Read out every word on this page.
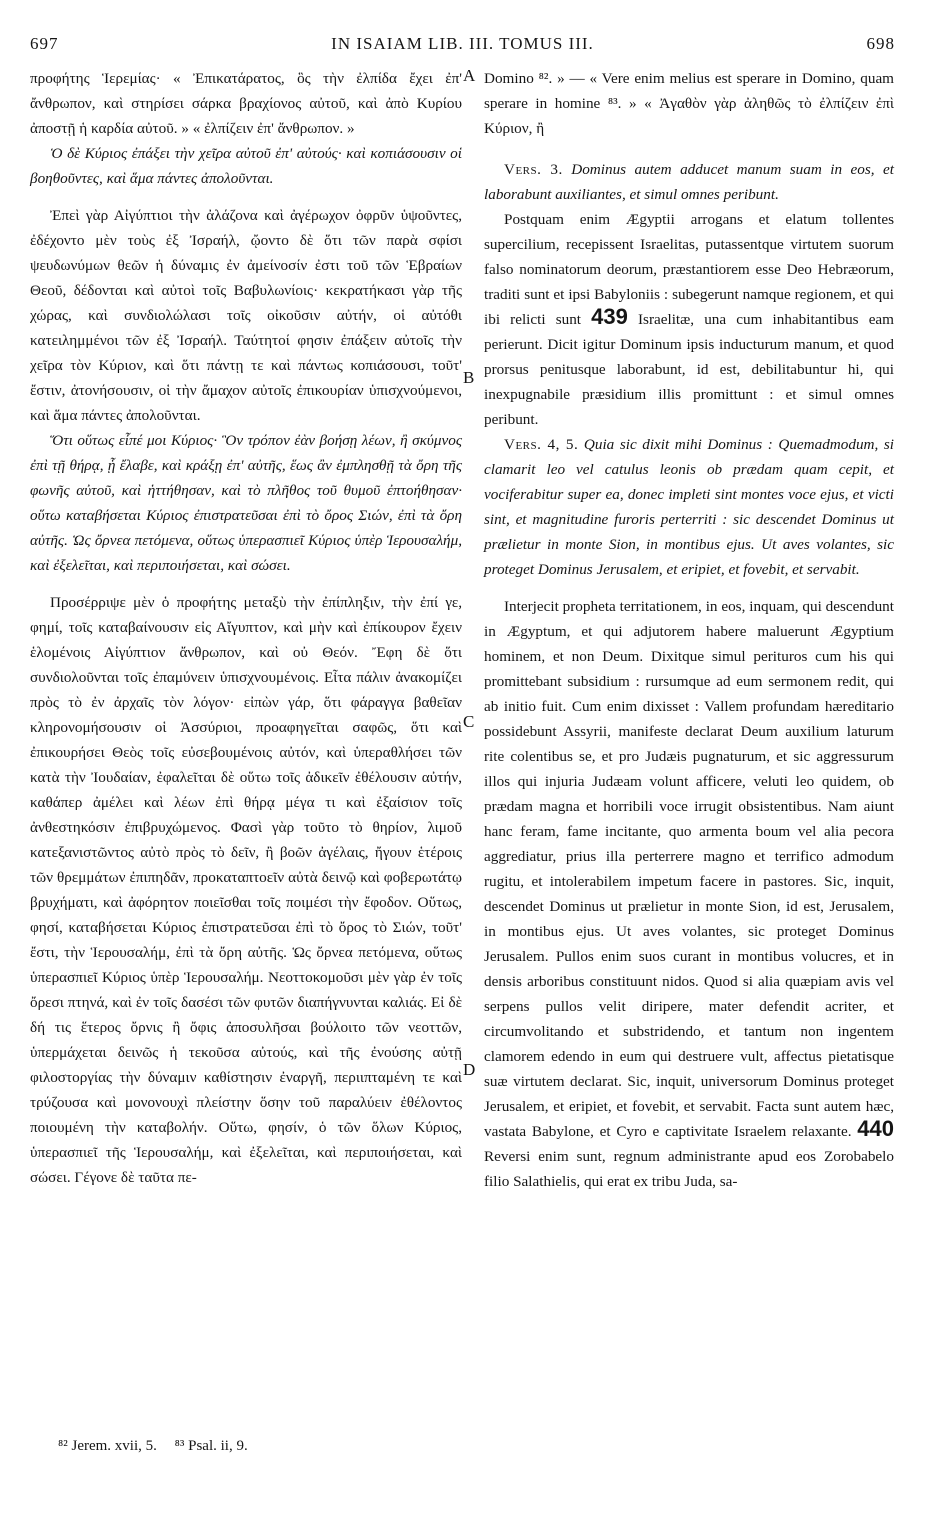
697	IN ISAIAM LIB. III. TOMUS III.	698
A
B
C
D

προφήτης Ἱερεμίας· « Ἐπικατάρατος, ὃς τὴν ἐλπίδα ἔχει ἐπ' ἄνθρωπον, καὶ στηρίσει σάρκα βραχίονος αὐτοῦ, καὶ ἀπὸ Κυρίου ἀποστῇ ἡ καρδία αὐτοῦ. » « ἐλπίζειν ἐπ' ἄνθρωπον. »

Ὁ δὲ Κύριος ἐπάξει τὴν χεῖρα αὐτοῦ ἐπ' αὐτούς· καὶ κοπιάσουσιν οἱ βοηθοῦντες, καὶ ἅμα πάντες ἀπολοῦνται.

Ἐπεὶ γὰρ Αἰγύπτιοι τὴν ἀλάζονα καὶ ἀγέρωχον ὀφρῦν ὑψοῦντες, ἐδέχοντο μὲν τοὺς ἐξ Ἰσραήλ, ᾤοντο δὲ ὅτι τῶν παρὰ σφίσι ψευδωνύμων θεῶν ἡ δύναμις ἐν ἀμείνοσίν ἐστι τοῦ τῶν Ἑβραίων Θεοῦ, δέδονται καὶ αὐτοὶ τοῖς Βαβυλωνίοις· κεκρατήκασι γὰρ τῆς χώρας, καὶ συνδιολώλασι τοῖς οἰκοῦσιν αὐτήν, οἱ αὐτόθι κατειλημμένοι τῶν ἐξ Ἰσραήλ. Ταύτητοί φησιν ἐπάξειν αὐτοῖς τὴν χεῖρα τὸν Κύριον, καὶ ὅτι πάντῃ τε καὶ πάντως κοπιάσουσι, τοῦτ' ἔστιν, ἀτονήσουσιν, οἱ τὴν ἄμαχον αὐτοῖς ἐπικουρίαν ὑπισχνούμενοι, καὶ ἅμα πάντες ἀπολοῦνται.

Ὅτι οὕτως εἶπέ μοι Κύριος· Ὃν τρόπον ἐὰν βοήσῃ λέων, ἢ σκύμνος ἐπὶ τῇ θήρᾳ, ᾗ ἔλαβε, καὶ κράξῃ ἐπ' αὐτῆς, ἕως ἂν ἐμπλησθῇ τὰ ὄρη τῆς φωνῆς αὐτοῦ, καὶ ἡττήθησαν, καὶ τὸ πλῆθος τοῦ θυμοῦ ἐπτοήθησαν· οὕτω καταβήσεται Κύριος ἐπιστρατεῦσαι ἐπὶ τὸ ὄρος Σιών, ἐπὶ τὰ ὄρη αὐτῆς. Ὡς ὄρνεα πετόμενα, οὕτως ὑπερασπιεῖ Κύριος ὑπὲρ Ἱερουσαλήμ, καὶ ἐξελεῖται, καὶ περιποιήσεται, καὶ σώσει.

Προσέρριψε μὲν ὁ προφήτης μεταξὺ τὴν ἐπίπληξιν, τὴν ἐπί γε, φημί, τοῖς καταβαίνουσιν εἰς Αἴγυπτον, καὶ μὴν καὶ ἐπίκουρον ἔχειν ἑλομένοις Αἰγύπτιον ἄνθρωπον, καὶ οὐ Θεόν. Ἔφη δὲ ὅτι συνδιολοῦνται τοῖς ἐπαμύνειν ὑπισχνουμένοις. Εἶτα πάλιν ἀνακομίζει πρὸς τὸ ἐν ἀρχαῖς τὸν λόγον· εἰπὼν γάρ, ὅτι φάραγγα βαθεῖαν κληρονομήσουσιν οἱ Ἀσσύριοι, προαφηγεῖται σαφῶς, ὅτι καὶ ἐπικουρήσει Θεὸς τοῖς εὐσεβουμένοις αὐτόν, καὶ ὑπεραθλήσει τῶν κατὰ τὴν Ἰουδαίαν, ἐφαλεῖται δὲ οὕτω τοῖς ἀδικεῖν ἐθέλουσιν αὐτήν, καθάπερ ἀμέλει καὶ λέων ἐπὶ θήρᾳ μέγα τι καὶ ἐξαίσιον τοῖς ἀνθεστηκόσιν ἐπιβρυχώμενος. Φασὶ γὰρ τοῦτο τὸ θηρίον, λιμοῦ κατεξανιστῶντος αὐτὸ πρὸς τὸ δεῖν, ἢ βοῶν ἀγέλαις, ἤγουν ἑτέροις τῶν θρεμμάτων ἐπιπηδᾶν, προκαταπτοεῖν αὐτὰ δεινῷ καὶ φοβερωτάτῳ βρυχήματι, καὶ ἀφόρητον ποιεῖσθαι τοῖς ποιμέσι τὴν ἔφοδον. Οὕτως, φησί, καταβήσεται Κύριος ἐπιστρατεῦσαι ἐπὶ τὸ ὄρος τὸ Σιών, τοῦτ' ἔστι, τὴν Ἱερουσαλήμ, ἐπὶ τὰ ὄρη αὐτῆς. Ὡς ὄρνεα πετόμενα, οὕτως ὑπερασπιεῖ Κύριος ὑπὲρ Ἱερουσαλήμ. Νεοττοκομοῦσι μὲν γὰρ ἐν τοῖς ὄρεσι πτηνά, καὶ ἐν τοῖς δασέσι τῶν φυτῶν διαπήγνυνται καλιάς. Εἰ δὲ δή τις ἕτερος ὄρνις ἢ ὄφις ἀποσυλῆσαι βούλοιτο τῶν νεοττῶν, ὑπερμάχεται δεινῶς ἡ τεκοῦσα αὐτούς, καὶ τῆς ἐνούσης αὐτῇ φιλοστοργίας τὴν δύναμιν καθίστησιν ἐναργῆ, περιιπταμένη τε καὶ τρύζουσα καὶ μονονουχὶ πλείστην ὅσην τοῦ παραλύειν ἐθέλοντος ποιουμένη τὴν καταβολήν. Οὕτω, φησίν, ὁ τῶν ὅλων Κύριος, ὑπερασπιεῖ τῆς Ἱερουσαλήμ, καὶ ἐξελεῖται, καὶ περιποιήσεται, καὶ σώσει. Γέγονε δὲ ταῦτα πε-

Domino ⁸². » — « Vere enim melius est sperare in Domino, quam sperare in homine ⁸³. » « Ἀγαθὸν γὰρ ἀληθῶς τὸ ἐλπίζειν ἐπὶ Κύριον, ἢ

Vers. 3. Dominus autem adducet manum suam in eos, et laborabunt auxiliantes, et simul omnes peribunt.

Postquam enim Ægyptii arrogans et elatum tollentes supercilium, recepissent Israelitas, putassentque virtutem suorum falso nominatorum deorum, præstantiorem esse Deo Hebræorum, traditi sunt et ipsi Babyloniis : subegerunt namque regionem, et qui ibi relicti sunt 439 Israelitæ, una cum inhabitantibus eam perierunt. Dicit igitur Dominum ipsis inducturum manum, et quod prorsus penitusque laborabunt, id est, debilitabuntur hi, qui inexpugnabile præsidium illis promittunt : et simul omnes peribunt.

Vers. 4, 5. Quia sic dixit mihi Dominus : Quemadmodum, si clamarit leo vel catulus leonis ob prædam quam cepit, et vociferabitur super ea, donec impleti sint montes voce ejus, et victi sint, et magnitudine furoris perterriti : sic descendet Dominus ut prælietur in monte Sion, in montibus ejus. Ut aves volantes, sic proteget Dominus Jerusalem, et eripiet, et fovebit, et servabit.

Interjecit propheta territationem, in eos, inquam, qui descendunt in Ægyptum, et qui adjutorem habere maluerunt Ægyptium hominem, et non Deum. Dixitque simul perituros cum his qui promittebant subsidium : rursumque ad eum sermonem redit, qui ab initio fuit. Cum enim dixisset : Vallem profundam hæreditario possidebunt Assyrii, manifeste declarat Deum auxilium laturum rite colentibus se, et pro Judæis pugnaturum, et sic aggressurum illos qui injuria Judæam volunt afficere, veluti leo quidem, ob prædam magna et horribili voce irrugit obsistentibus. Nam aiunt hanc feram, fame incitante, quo armenta boum vel alia pecora aggrediatur, prius illa perterrere magno et terrifico admodum rugitu, et intolerabilem impetum facere in pastores. Sic, inquit, descendet Dominus ut prælietur in monte Sion, id est, Jerusalem, in montibus ejus. Ut aves volantes, sic proteget Dominus Jerusalem. Pullos enim suos curant in montibus volucres, et in densis arboribus constituunt nidos. Quod si alia quæpiam avis vel serpens pullos velit diripere, mater defendit acriter, et circumvolitando et substridendo, et tantum non ingentem clamorem edendo in eum qui destruere vult, affectus pietatisque suæ virtutem declarat. Sic, inquit, universorum Dominus proteget Jerusalem, et eripiet, et fovebit, et servabit. Facta sunt autem hæc, vastata Babylone, et Cyro e captivitate Israelem relaxante. 440 Reversi enim sunt, regnum administrante apud eos Zorobabelo filio Salathielis, qui erat ex tribu Juda, sa-

⁸² Jerem. xvii, 5. ⁸³ Psal. ii, 9.
